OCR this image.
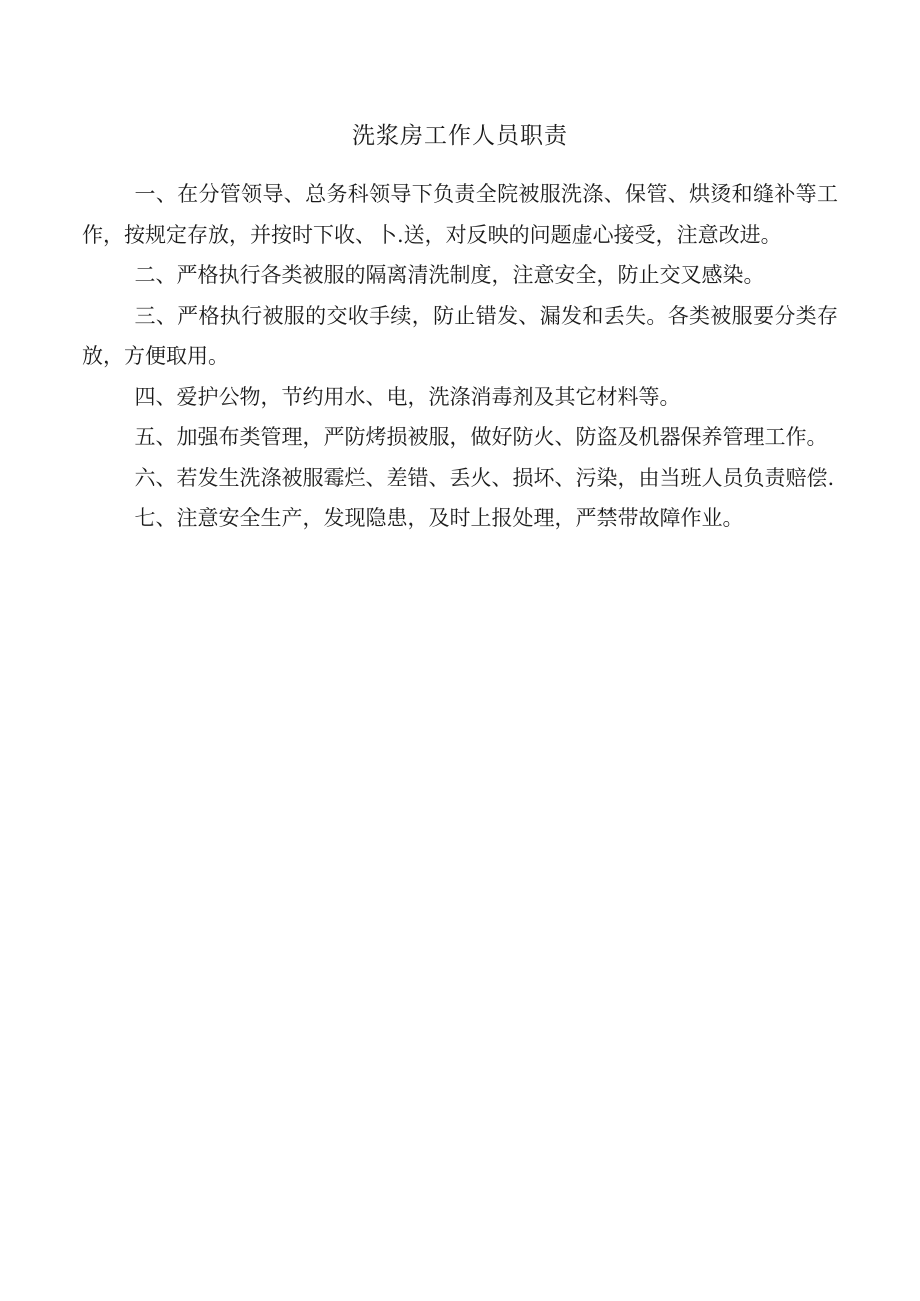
洗浆房工作人员职责

一、在分管领导、总务科领导下负责全院被服洗涤、保管、烘烫和缝补等工作，按规定存放，并按时下收、卜.送，对反映的问题虚心接受，注意改进。

二、严格执行各类被服的隔离清洗制度，注意安全，防止交叉感染。

三、严格执行被服的交收手续，防止错发、漏发和丢失。各类被服要分类存放，方便取用。

四、爱护公物，节约用水、电，洗涤消毒剂及其它材料等。

五、加强布类管理，严防烤损被服，做好防火、防盗及机器保养管理工作。

六、若发生洗涤被服霉烂、差错、丢火、损坏、污染，由当班人员负责赔偿.

七、注意安全生产，发现隐患，及时上报处理，严禁带故障作业。
